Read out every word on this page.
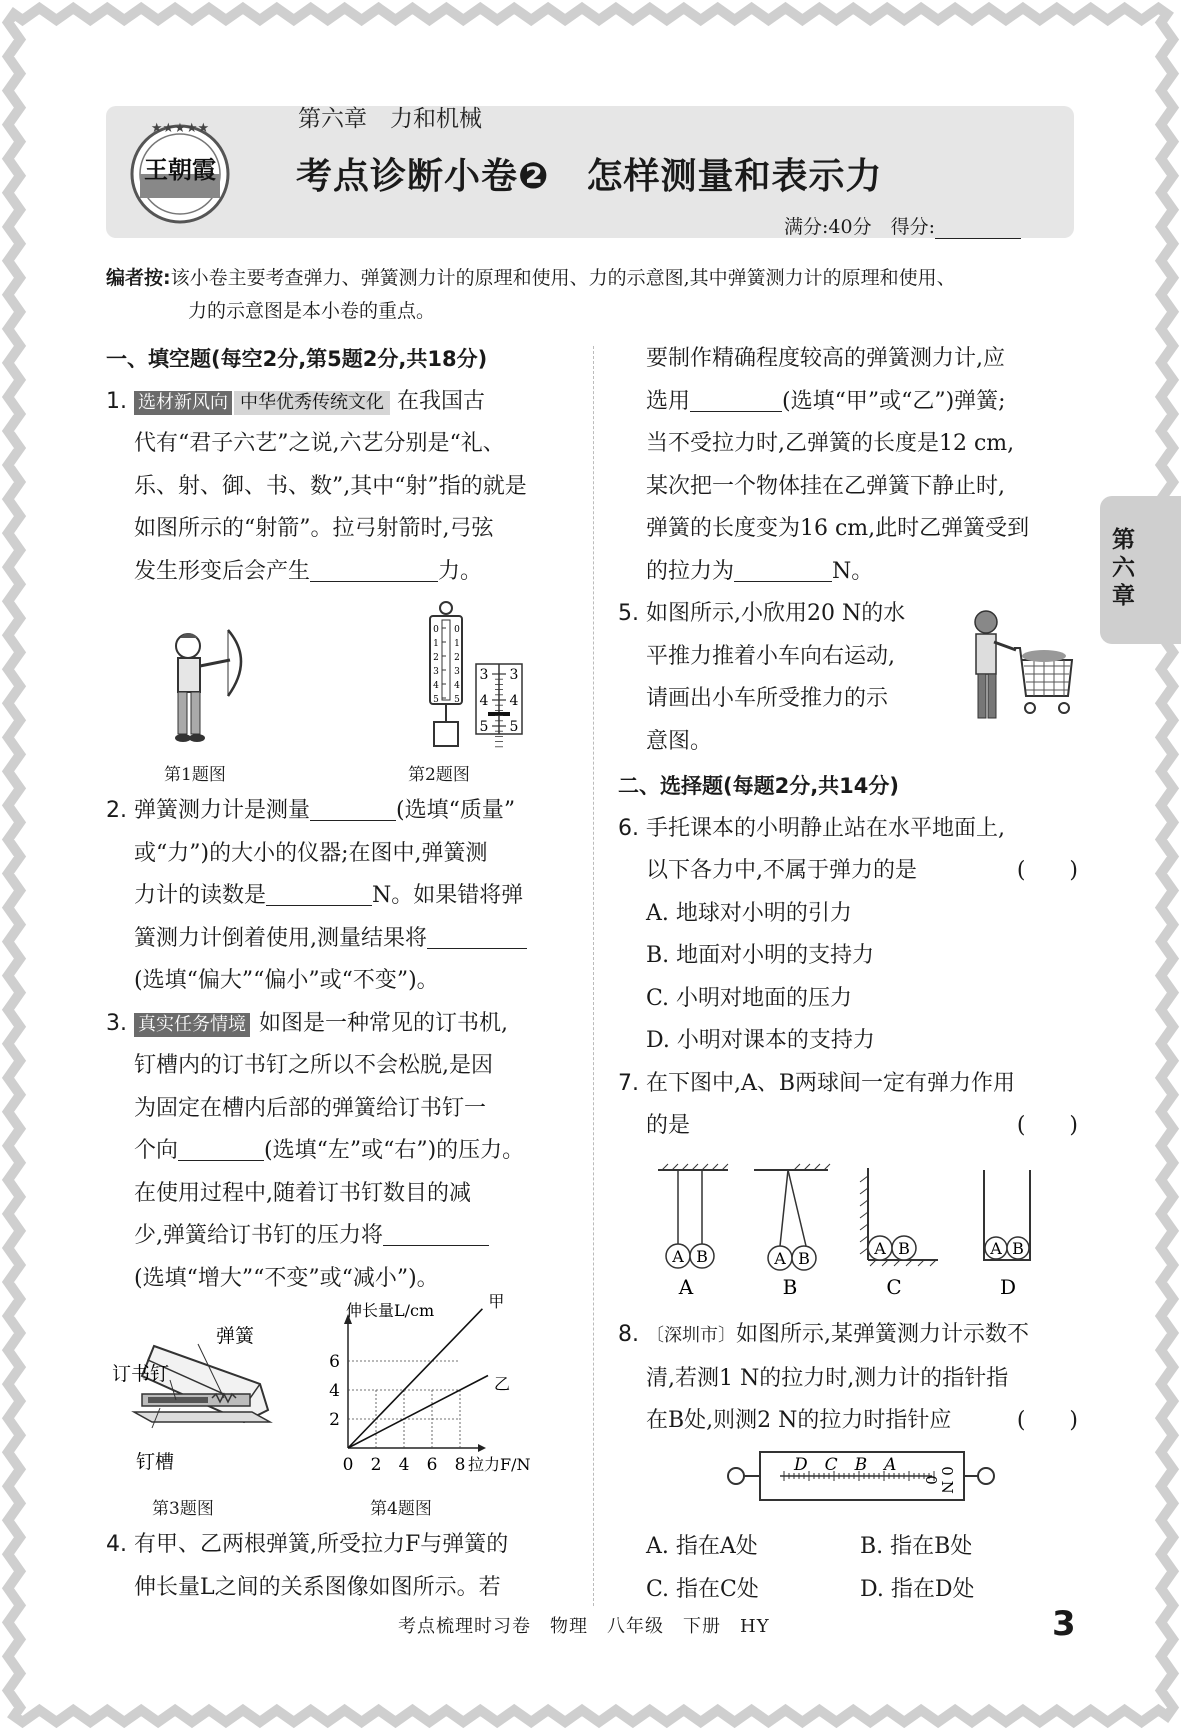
★★★★★
王朝霞
第六章　力和机械
考点诊断小卷❷　怎样测量和表示力
满分:40分　得分:
编者按:该小卷主要考查弹力、弹簧测力计的原理和使用、力的示意图,其中弹簧测力计的原理和使用、
力的示意图是本小卷的重点。
第六章

一、填空题(每空2分,第5题2分,共18分)

1. 选材新风向 中华优秀传统文化 在我国古

代有“君子六艺”之说,六艺分别是“礼、

乐、射、御、书、数”,其中“射”指的就是

如图所示的“射箭”。拉弓射箭时,弓弦

发生形变后会产生	力。

0 0
1 1
2 2
3 3
4 4
5 5
3 3
4 4
5 5
第1题图	第2题图

2. 弹簧测力计是测量	(选填“质量”

或“力”)的大小的仪器;在图中,弹簧测

力计的读数是	N。如果错将弹

簧测力计倒着使用,测量结果将

(选填“偏大”“偏小”或“不变”)。

3. 真实任务情境 如图是一种常见的订书机,

钉槽内的订书钉之所以不会松脱,是因

为固定在槽内后部的弹簧给订书钉一

个向	(选填“左”或“右”)的压力。

在使用过程中,随着订书钉数目的减

少,弹簧给订书钉的压力将

(选填“增大”“不变”或“减小”)。

弹簧
订书钉
钉槽	0 2 4 6 8
2
4
6
拉力F/N
伸长量L/cm	甲
乙
第3题图	第4题图

4. 有甲、乙两根弹簧,所受拉力F与弹簧的

伸长量L之间的关系图像如图所示。若

要制作精确程度较高的弹簧测力计,应

选用	(选填“甲”或“乙”)弹簧;

当不受拉力时,乙弹簧的长度是12 cm,

某次把一个物体挂在乙弹簧下静止时,

弹簧的长度变为16 cm,此时乙弹簧受到

的拉力为	N。

5. 如图所示,小欣用20 N的水

平推力推着小车向右运动,

请画出小车所受推力的示

意图。

二、选择题(每题2分,共14分)

6. 手托课本的小明静止站在水平地面上,

以下各力中,不属于弹力的是	(　　)

A. 地球对小明的引力

B. 地面对小明的支持力

C. 小明对地面的压力

D. 小明对课本的支持力

7. 在下图中,A、B两球间一定有弹力作用

的是	(　　)

A B	A B
A B	A B
A	B	C	D

8. 〔深圳市〕如图所示,某弹簧测力计示数不

清,若测1 N的拉力时,测力计的指针指

在B处,则测2 N的拉力时指针应	(　　)

D　C　B　A
0 N
0

A. 指在A处	B. 指在B处

C. 指在C处	D. 指在D处

考点梳理时习卷　物理　八年级　下册　HY	3
